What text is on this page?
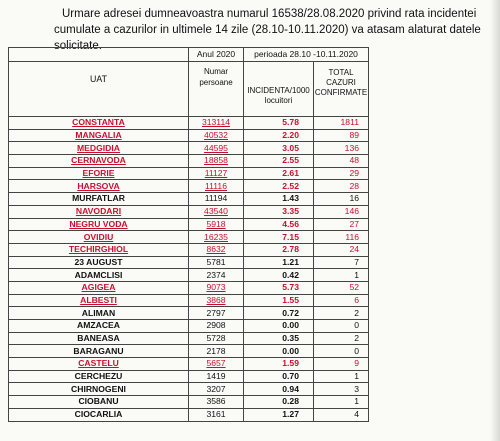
Urmare adresei dumneavoastra numarul 16538/28.08.2020 privind rata incidentei

cumulate a cazurilor in ultimele 14 zile (28.10-10.11.2020) va atasam alaturat datele solicitate.

	Anul 2020	perioada 28.10 -10.11.2020	
UAT	Numar persoane	INCIDENTA/1000 locuitori	TOTAL CAZURI CONFIRMATE
CONSTANTA	313114	5.78	1811
MANGALIA	40532	2.20	89
MEDGIDIA	44595	3.05	136
CERNAVODA	18858	2.55	48
EFORIE	11127	2.61	29
HARSOVA	11116	2.52	28
MURFATLAR	11194	1.43	16
NAVODARI	43540	3.35	146
NEGRU VODA	5918	4.56	27
OVIDIU	16235	7.15	116
TECHIRGHIOL	8632	2.78	24
23 AUGUST	5781	1.21	7
ADAMCLISI	2374	0.42	1
AGIGEA	9073	5.73	52
ALBESTI	3868	1.55	6
ALIMAN	2797	0.72	2
AMZACEA	2908	0.00	0
BANEASA	5728	0.35	2
BARAGANU	2178	0.00	0
CASTELU	5657	1.59	9
CERCHEZU	1419	0.70	1
CHIRNOGENI	3207	0.94	3
CIOBANU	3586	0.28	1
CIOCARLIA	3161	1.27	4
